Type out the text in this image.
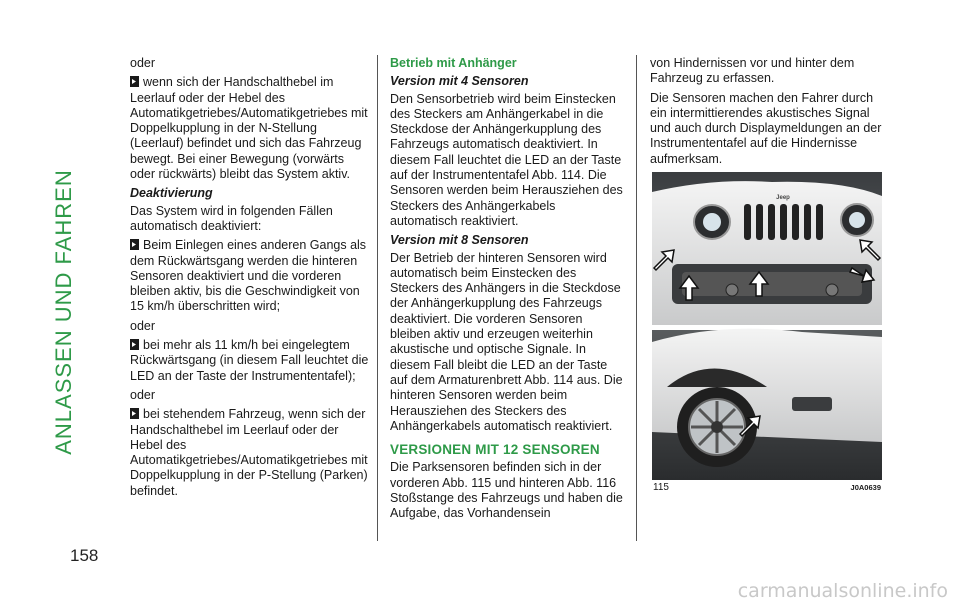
ANLASSEN UND FAHREN
158

oder

wenn sich der Handschalthebel im Leerlauf oder der Hebel des Automatikgetriebes/Automatikgetriebes mit Doppelkupplung in der N-Stellung (Leerlauf) befindet und sich das Fahrzeug bewegt. Bei einer Bewegung (vorwärts oder rückwärts) bleibt das System aktiv.

Deaktivierung

Das System wird in folgenden Fällen automatisch deaktiviert:

Beim Einlegen eines anderen Gangs als dem Rückwärtsgang werden die hinteren Sensoren deaktiviert und die vorderen bleiben aktiv, bis die Geschwindigkeit von 15 km/h überschritten wird;

oder

bei mehr als 11 km/h bei eingelegtem Rückwärtsgang (in diesem Fall leuchtet die LED an der Taste der Instrumententafel);

oder

bei stehendem Fahrzeug, wenn sich der Handschalthebel im Leerlauf oder der Hebel des Automatikgetriebes/Automatikgetriebes mit Doppelkupplung in der P-Stellung (Parken) befindet.

Betrieb mit Anhänger

Version mit 4 Sensoren

Den Sensorbetrieb wird beim Einstecken des Steckers am Anhängerkabel in die Steckdose der Anhängerkupplung des Fahrzeugs automatisch deaktiviert. In diesem Fall leuchtet die LED an der Taste auf der Instrumententafel Abb. 114. Die Sensoren werden beim Herausziehen des Steckers des Anhängerkabels automatisch reaktiviert.

Version mit 8 Sensoren

Der Betrieb der hinteren Sensoren wird automatisch beim Einstecken des Steckers des Anhängers in die Steckdose der Anhängerkupplung des Fahrzeugs deaktiviert. Die vorderen Sensoren bleiben aktiv und erzeugen weiterhin akustische und optische Signale. In diesem Fall bleibt die LED an der Taste auf dem Armaturenbrett Abb. 114 aus. Die hinteren Sensoren werden beim Herausziehen des Steckers des Anhängerkabels automatisch reaktiviert.

VERSIONEN MIT 12 SENSOREN

Die Parksensoren befinden sich in der vorderen Abb. 115 und hinteren Abb. 116 Stoßstange des Fahrzeugs und haben die Aufgabe, das Vorhandensein

von Hindernissen vor und hinter dem Fahrzeug zu erfassen.

Die Sensoren machen den Fahrer durch ein intermittierendes akustisches Signal und auch durch Displaymeldungen an der Instrumententafel auf die Hindernisse aufmerksam.

Jeep
115	J0A0639
carmanualsonline.info
